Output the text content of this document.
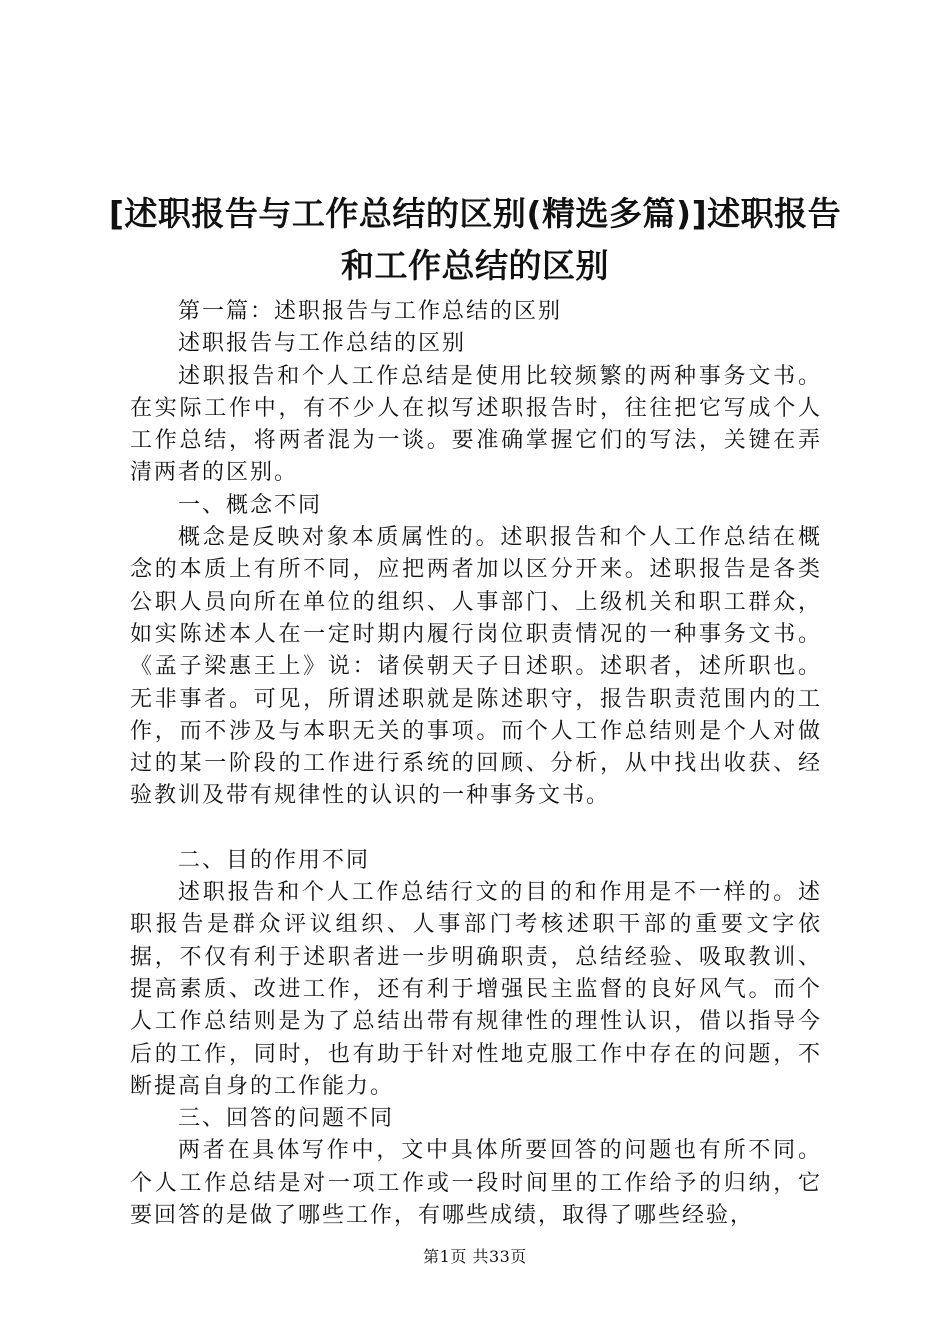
[述职报告与工作总结的区别(精选多篇)]述职报告和工作总结的区别

第一篇：述职报告与工作总结的区别

述职报告与工作总结的区别

述职报告和个人工作总结是使用比较频繁的两种事务文书。在实际工作中，有不少人在拟写述职报告时，往往把它写成个人工作总结，将两者混为一谈。要准确掌握它们的写法，关键在弄清两者的区别。

一、概念不同

概念是反映对象本质属性的。述职报告和个人工作总结在概念的本质上有所不同，应把两者加以区分开来。述职报告是各类公职人员向所在单位的组织、人事部门、上级机关和职工群众，如实陈述本人在一定时期内履行岗位职责情况的一种事务文书。《孟子梁惠王上》说：诸侯朝天子日述职。述职者，述所职也。无非事者。可见，所谓述职就是陈述职守，报告职责范围内的工作，而不涉及与本职无关的事项。而个人工作总结则是个人对做过的某一阶段的工作进行系统的回顾、分析，从中找出收获、经验教训及带有规律性的认识的一种事务文书。

二、目的作用不同

述职报告和个人工作总结行文的目的和作用是不一样的。述职报告是群众评议组织、人事部门考核述职干部的重要文字依据，不仅有利于述职者进一步明确职责，总结经验、吸取教训、提高素质、改进工作，还有利于增强民主监督的良好风气。而个人工作总结则是为了总结出带有规律性的理性认识，借以指导今后的工作，同时，也有助于针对性地克服工作中存在的问题，不断提高自身的工作能力。

三、回答的问题不同

两者在具体写作中，文中具体所要回答的问题也有所不同。个人工作总结是对一项工作或一段时间里的工作给予的归纳，它要回答的是做了哪些工作，有哪些成绩，取得了哪些经验，

第1页 共33页
